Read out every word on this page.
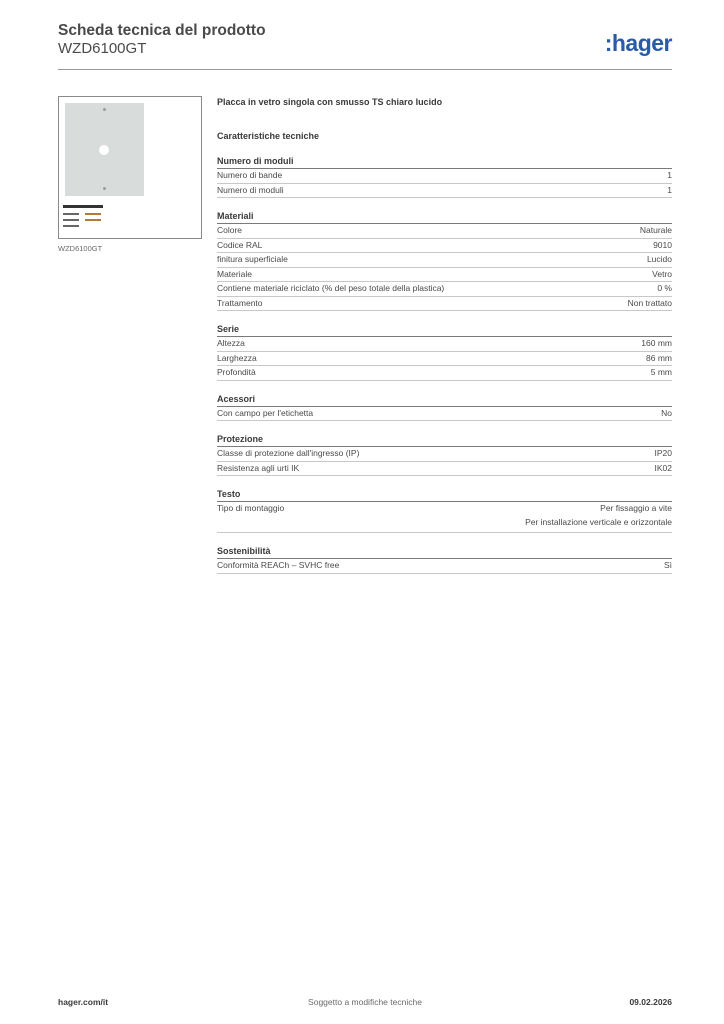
Scheda tecnica del prodotto
WZD6100GT	:hager
WZD6100GT
Placca in vetro singola con smusso TS chiaro lucido
Caratteristiche tecniche
Numero di moduli
Numero di bande	1
Numero di moduli	1
Materiali
Colore	Naturale
Codice RAL	9010
finitura superficiale	Lucido
Materiale	Vetro
Contiene materiale riciclato (% del peso totale della plastica)	0 %
Trattamento	Non trattato
Serie
Altezza	160 mm
Larghezza	86 mm
Profondità	5 mm
Acessori
Con campo per l'etichetta	No
Protezione
Classe di protezione dall'ingresso (IP)	IP20
Resistenza agli urti IK	IK02
Testo
Tipo di montaggio	Per fissaggio a vite
Per installazione verticale e orizzontale
Sostenibilità
Conformità REACh – SVHC free	Sì
Soggetto a modifiche tecniche
hager.com/it	09.02.2026
